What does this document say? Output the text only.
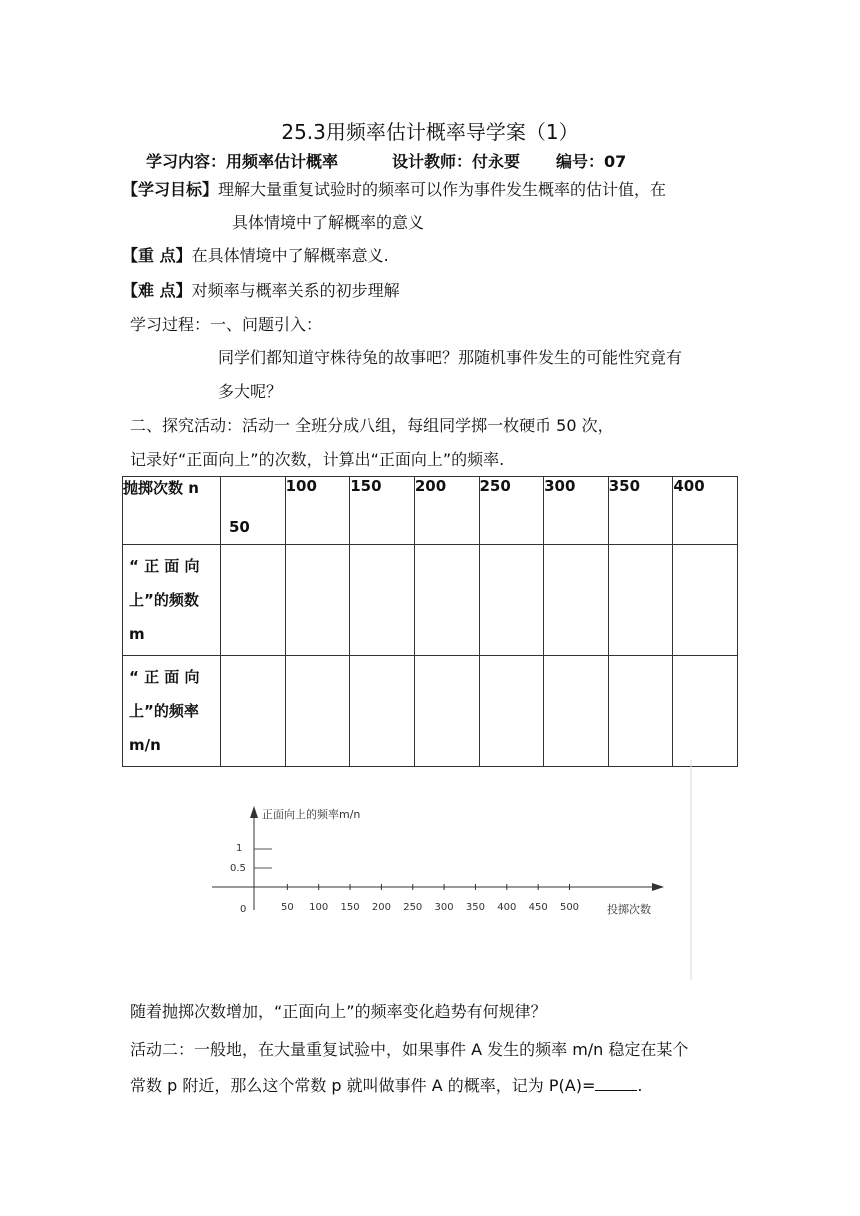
25.3用频率估计概率导学案（1）
学习内容：用频率估计概率	设计教师：付永要 编号：07
【学习目标】理解大量重复试验时的频率可以作为事件发生概率的估计值，在
具体情境中了解概率的意义
【重 点】在具体情境中了解概率意义.
【难 点】对频率与概率关系的初步理解
学习过程：一、问题引入：
同学们都知道守株待兔的故事吧？那随机事件发生的可能性究竟有
多大呢？
二、探究活动：活动一 全班分成八组，每组同学掷一枚硬币 50 次，
记录好“正面向上”的次数，计算出“正面向上”的频率.
抛掷次数 n	50	100	150	200	250	300	350	400

“ 正 面 向
上”的频数
m								

“ 正 面 向
上”的频率
m/n								

正面向上的频率m/n
1
0.5
0	50 100 150 200 250 300 350 400 450 500	投掷次数
随着抛掷次数增加，“正面向上”的频率变化趋势有何规律？
活动二：一般地，在大量重复试验中，如果事件 A 发生的频率 m/n 稳定在某个
常数 p 附近，那么这个常数 p 就叫做事件 A 的概率，记为 P(A)=	.
